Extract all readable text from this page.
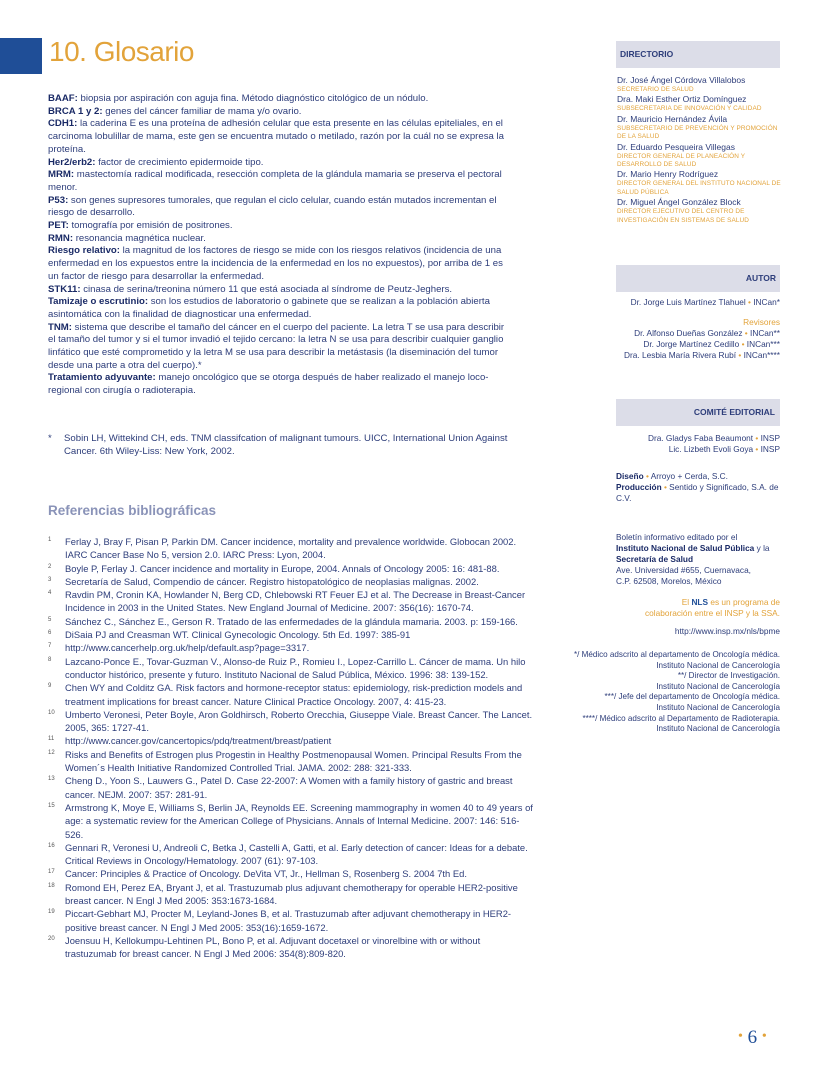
10. Glosario

BAAF: biopsia por aspiración con aguja fina. Método diagnóstico citológico de un nódulo.

BRCA 1 y 2: genes del cáncer familiar de mama y/o ovario.

CDH1: la caderina E es una proteína de adhesión celular que esta presente en las células epiteliales, en el carcinoma lobulillar de mama, este gen se encuentra mutado o metilado, razón por la cuál no se expresa la proteína.

Her2/erb2: factor de crecimiento epidermoide tipo.

MRM: mastectomía radical modificada, resección completa de la glándula mamaria se preserva el pectoral menor.

P53: son genes supresores tumorales, que regulan el ciclo celular, cuando están mutados incrementan el riesgo de desarrollo.

PET: tomografía por emisión de positrones.

RMN: resonancia magnética nuclear.

Riesgo relativo: la magnitud de los factores de riesgo se mide con los riesgos relativos (incidencia de una enfermedad en los expuestos entre la incidencia de la enfermedad en los no expuestos), por arriba de 1 es un factor de riesgo para desarrollar la enfermedad.

STK11: cinasa de serina/treonina número 11 que está asociada al síndrome de Peutz-Jeghers.

Tamizaje o escrutinio: son los estudios de laboratorio o gabinete que se realizan a la población abierta asintomática con la finalidad de diagnosticar una enfermedad.

TNM: sistema que describe el tamaño del cáncer en el cuerpo del paciente. La letra T se usa para describir el tamaño del tumor y si el tumor invadió el tejido cercano: la letra N se usa para describir cualquier ganglio linfático que esté comprometido y la letra M se usa para describir la metástasis (la diseminación del tumor desde una parte a otra del cuerpo).*

Tratamiento adyuvante: manejo oncológico que se otorga después de haber realizado el manejo loco-regional con cirugía o radioterapia.

*	Sobin LH, Wittekind CH, eds. TNM classifcation of malignant tumours. UICC, International Union Against Cancer. 6th Wiley-Liss: New York, 2002.
Referencias bibliográficas
1 Ferlay J, Bray F, Pisan P, Parkin DM. Cancer incidence, mortality and prevalence worldwide. Globocan 2002. IARC Cancer Base No 5, version 2.0. IARC Press: Lyon, 2004.
2 Boyle P, Ferlay J. Cancer incidence and mortality in Europe, 2004. Annals of Oncology 2005: 16: 481-88.
3 Secretaría de Salud, Compendio de cáncer. Registro histopatológico de neoplasias malignas. 2002.
4 Ravdin PM, Cronin KA, Howlander N, Berg CD, Chlebowski RT Feuer EJ et al. The Decrease in Breast-Cancer Incidence in 2003 in the United States. New England Journal of Medicine. 2007: 356(16): 1670-74.
5 Sánchez C., Sánchez E., Gerson R. Tratado de las enfermedades de la glándula mamaria. 2003. p: 159-166.
6 DiSaia PJ and Creasman WT. Clinical Gynecologic Oncology. 5th Ed. 1997: 385-91
7 http://www.cancerhelp.org.uk/help/default.asp?page=3317.
8 Lazcano-Ponce E., Tovar-Guzman V., Alonso-de Ruiz P., Romieu I., Lopez-Carrillo L. Cáncer de mama. Un hilo conductor histórico, presente y futuro. Instituto Nacional de Salud Pública, México. 1996: 38: 139-152.
9 Chen WY and Colditz GA. Risk factors and hormone-receptor status: epidemiology, risk-prediction models and treatment implications for breast cancer. Nature Clinical Practice Oncology. 2007, 4: 415-23.
10 Umberto Veronesi, Peter Boyle, Aron Goldhirsch, Roberto Orecchia, Giuseppe Viale. Breast Cancer. The Lancet. 2005, 365: 1727-41.
11 http://www.cancer.gov/cancertopics/pdq/treatment/breast/patient
12 Risks and Benefits of Estrogen plus Progestin in Healthy Postmenopausal Women. Principal Results From the Women´s Health Initiative Randomized Controlled Trial. JAMA. 2002: 288: 321-333.
13 Cheng D., Yoon S., Lauwers G., Patel D. Case 22-2007: A Women with a family history of gastric and breast cancer. NEJM. 2007: 357: 281-91.
15 Armstrong K, Moye E, Williams S, Berlin JA, Reynolds EE. Screening mammography in women 40 to 49 years of age: a systematic review for the American College of Physicians. Annals of Internal Medicine. 2007: 146: 516-526.
16 Gennari R, Veronesi U, Andreoli C, Betka J, Castelli A, Gatti, et al. Early detection of cancer: Ideas for a debate. Critical Reviews in Oncology/Hematology. 2007 (61): 97-103.
17 Cancer: Principles & Practice of Oncology. DeVita VT, Jr., Hellman S, Rosenberg S. 2004 7th Ed.
18 Romond EH, Perez EA, Bryant J, et al. Trastuzumab plus adjuvant chemotherapy for operable HER2-positive breast cancer. N Engl J Med 2005: 353:1673-1684.
19 Piccart-Gebhart MJ, Procter M, Leyland-Jones B, et al. Trastuzumab after adjuvant chemotherapy in HER2-positive breast cancer. N Engl J Med 2005: 353(16):1659-1672.
20 Joensuu H, Kellokumpu-Lehtinen PL, Bono P, et al. Adjuvant docetaxel or vinorelbine with or without trastuzumab for breast cancer. N Engl J Med 2006: 354(8):809-820.
DIRECTORIO
Dr. José Ángel Córdova Villalobos
SECRETARIO DE SALUD
Dra. Maki Esther Ortiz Domínguez
SUBSECRETARIA DE INNOVACIÓN Y CALIDAD
Dr. Mauricio Hernández Ávila
SUBSECRETARIO DE PREVENCIÓN Y PROMOCIÓN DE LA SALUD
Dr. Eduardo Pesqueira Villegas
DIRECTOR GENERAL DE PLANEACIÓN Y DESARROLLO DE SALUD
Dr. Mario Henry Rodríguez
DIRECTOR GENERAL DEL INSTITUTO NACIONAL DE SALUD PÚBLICA
Dr. Miguel Ángel González Block
DIRECTOR EJECUTIVO DEL CENTRO DE INVESTIGACIÓN EN SISTEMAS DE SALUD
AUTOR
Dr. Jorge Luis Martínez Tlahuel • INCan*
Revisores
Dr. Alfonso Dueñas González • INCan**
Dr. Jorge Martínez Cedillo • INCan***
Dra. Lesbia María Rivera Rubí • INCan****
COMITÉ EDITORIAL
Dra. Gladys Faba Beaumont • INSP
Lic. Lizbeth Evoli Goya • INSP
Diseño • Arroyo + Cerda, S.C.
Producción • Sentido y Significado, S.A. de C.V.
Boletín informativo editado por el
Instituto Nacional de Salud Pública y la Secretaría de Salud
Ave. Universidad #655, Cuernavaca,
C.P. 62508, Morelos, México
El NLS es un programa de
colaboración entre el INSP y la SSA.
http://www.insp.mx/nls/bpme
*/ Médico adscrito al departamento de Oncología médica.
Instituto Nacional de Cancerología
**/ Director de Investigación.
Instituto Nacional de Cancerología
***/ Jefe del departamento de Oncología médica.
Instituto Nacional de Cancerología
****/ Médico adscrito al Departamento de Radioterapia.
Instituto Nacional de Cancerología
• 6 •
